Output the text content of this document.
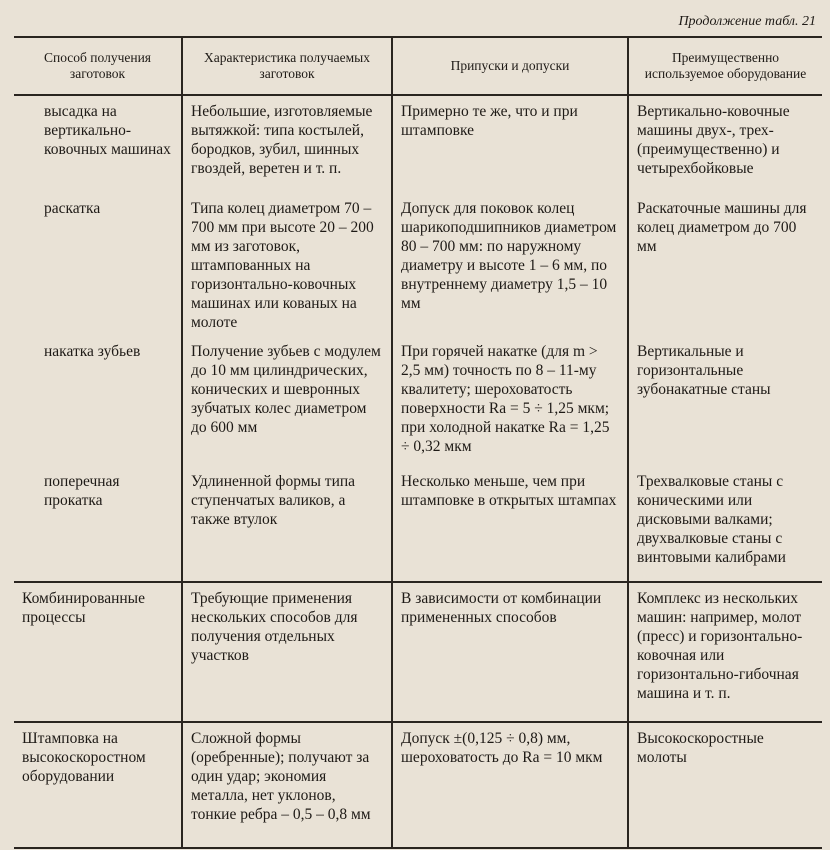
Продолжение табл. 21
Способ получения заготовок	Характеристика получаемых заготовок	Припуски и допуски	Преимущественно используемое оборудование
высадка на вертикально-ковочных машинах	Небольшие, изготовляемые вытяжкой: типа костылей, бородков, зубил, шинных гвоздей, веретен и т. п.	Примерно те же, что и при штамповке	Вертикально-ковочные машины двух-, трех- (преимущественно) и четырехбойковые
раскатка	Типа колец диаметром 70 – 700 мм при высоте 20 – 200 мм из заготовок, штампованных на горизонтально-ковочных машинах или кованых на молоте	Допуск для поковок колец шарикоподшипников диаметром 80 – 700 мм: по наружному диаметру и высоте 1 – 6 мм, по внутреннему диаметру 1,5 – 10 мм	Раскаточные машины для колец диаметром до 700 мм
накатка зубьев	Получение зубьев с модулем до 10 мм цилиндрических, конических и шевронных зубчатых колес диаметром до 600 мм	При горячей накатке (для m > 2,5 мм) точность по 8 – 11-му квалитету; шероховатость поверхности Ra = 5 ÷ 1,25 мкм; при холодной накатке Ra = 1,25 ÷ 0,32 мкм	Вертикальные и горизонтальные зубонакатные станы
поперечная прокатка	Удлиненной формы типа ступенчатых валиков, а также втулок	Несколько меньше, чем при штамповке в открытых штампах	Трехвалковые станы с коническими или дисковыми валками; двухвалковые станы с винтовыми калибрами
Комбинированные процессы	Требующие применения нескольких способов для получения отдельных участков	В зависимости от комбинации примененных способов	Комплекс из нескольких машин: например, молот (пресс) и горизонтально-ковочная или горизонтально-гибочная машина и т. п.
Штамповка на высокоскоростном оборудовании	Сложной формы (оребренные); получают за один удар; экономия металла, нет уклонов, тонкие ребра – 0,5 – 0,8 мм	Допуск ±(0,125 ÷ 0,8) мм, шероховатость до Ra = 10 мкм	Высокоскоростные молоты
